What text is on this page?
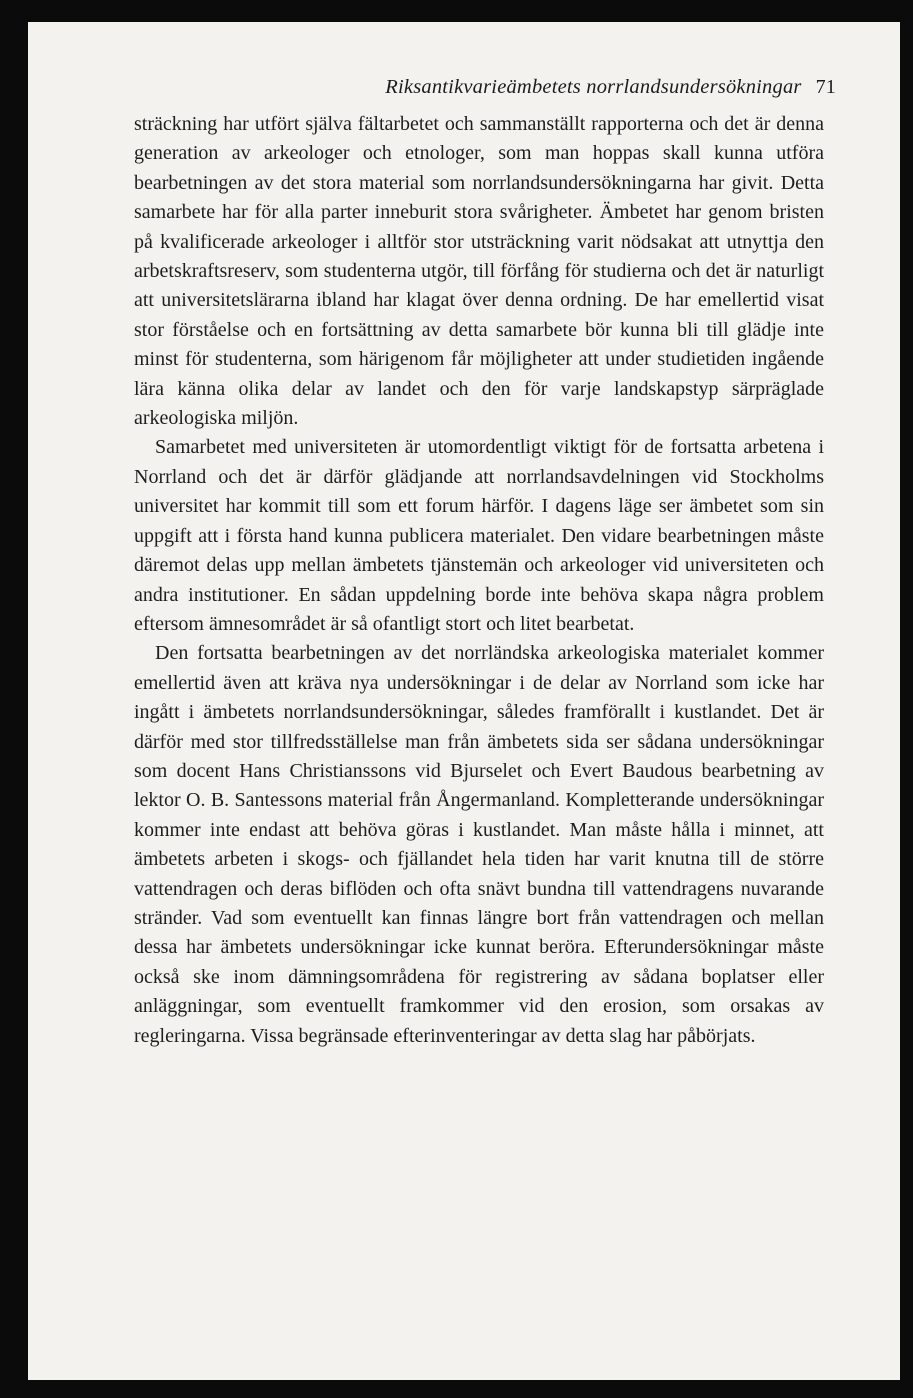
Riksantikvarieämbetets norrlandsundersökningar 71

sträckning har utfört själva fältarbetet och sammanställt rapporterna och det är denna generation av arkeologer och etnologer, som man hoppas skall kunna utföra bearbetningen av det stora material som norrlandsundersökningarna har givit. Detta samarbete har för alla parter inneburit stora svårigheter. Ämbetet har genom bristen på kvalificerade arkeologer i alltför stor utsträckning varit nödsakat att utnyttja den arbetskraftsreserv, som studenterna utgör, till förfång för studierna och det är naturligt att universitetslärarna ibland har klagat över denna ordning. De har emellertid visat stor förståelse och en fortsättning av detta samarbete bör kunna bli till glädje inte minst för studenterna, som härigenom får möjligheter att under studietiden ingående lära känna olika delar av landet och den för varje landskapstyp särpräglade arkeologiska miljön.

Samarbetet med universiteten är utomordentligt viktigt för de fortsatta arbetena i Norrland och det är därför glädjande att norrlandsavdelningen vid Stockholms universitet har kommit till som ett forum härför. I dagens läge ser ämbetet som sin uppgift att i första hand kunna publicera materialet. Den vidare bearbetningen måste däremot delas upp mellan ämbetets tjänstemän och arkeologer vid universiteten och andra institutioner. En sådan uppdelning borde inte behöva skapa några problem eftersom ämnesområdet är så ofantligt stort och litet bearbetat.

Den fortsatta bearbetningen av det norrländska arkeologiska materialet kommer emellertid även att kräva nya undersökningar i de delar av Norrland som icke har ingått i ämbetets norrlandsundersökningar, således framförallt i kustlandet. Det är därför med stor tillfredsställelse man från ämbetets sida ser sådana undersökningar som docent Hans Christianssons vid Bjurselet och Evert Baudous bearbetning av lektor O. B. Santessons material från Ångermanland. Kompletterande undersökningar kommer inte endast att behöva göras i kustlandet. Man måste hålla i minnet, att ämbetets arbeten i skogs- och fjällandet hela tiden har varit knutna till de större vattendragen och deras biflöden och ofta snävt bundna till vattendragens nuvarande stränder. Vad som eventuellt kan finnas längre bort från vattendragen och mellan dessa har ämbetets undersökningar icke kunnat beröra. Efterundersökningar måste också ske inom dämningsområdena för registrering av sådana boplatser eller anläggningar, som eventuellt framkommer vid den erosion, som orsakas av regleringarna. Vissa begränsade efterinventeringar av detta slag har påbörjats.
